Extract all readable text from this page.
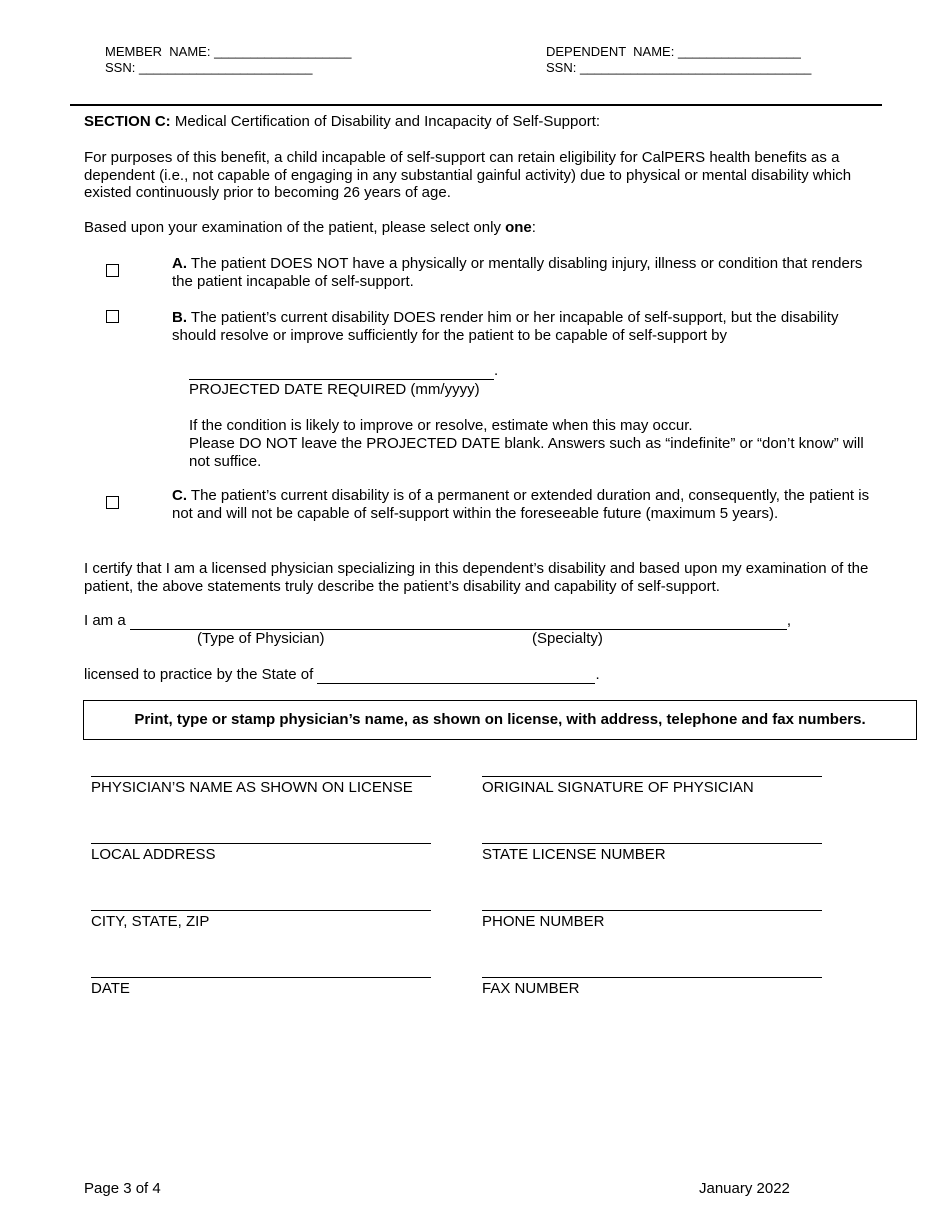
MEMBER  NAME: ___________________
SSN: ________________________
DEPENDENT  NAME: _________________
SSN: ________________________________
SECTION C: Medical Certification of Disability and Incapacity of Self-Support:
For purposes of this benefit, a child incapable of self-support can retain eligibility for CalPERS health benefits as a dependent (i.e., not capable of engaging in any substantial gainful activity) due to physical or mental disability which existed continuously prior to becoming 26 years of age.
Based upon your examination of the patient, please select only one:
A. The patient DOES NOT have a physically or mentally disabling injury, illness or condition that renders the patient incapable of self-support.
B. The patient’s current disability DOES render him or her incapable of self-support, but the disability should resolve or improve sufficiently for the patient to be capable of self-support by
.
PROJECTED DATE REQUIRED (mm/yyyy)
If the condition is likely to improve or resolve, estimate when this may occur.
Please DO NOT leave the PROJECTED DATE blank. Answers such as “indefinite” or “don’t know” will not suffice.
C. The patient’s current disability is of a permanent or extended duration and, consequently, the patient is not and will not be capable of self-support within the foreseeable future (maximum 5 years).
I certify that I am a licensed physician specializing in this dependent’s disability and based upon my examination of the patient, the above statements truly describe the patient’s disability and capability of self-support.
I am a	,
(Type of Physician)	(Specialty)
licensed to practice by the State of	.
Print, type or stamp physician’s name, as shown on license, with address, telephone and fax numbers.
PHYSICIAN’S NAME AS SHOWN ON LICENSE	ORIGINAL SIGNATURE OF PHYSICIAN
LOCAL ADDRESS	STATE LICENSE NUMBER
CITY, STATE, ZIP	PHONE NUMBER
DATE	FAX NUMBER
Page 3 of 4	January 2022
